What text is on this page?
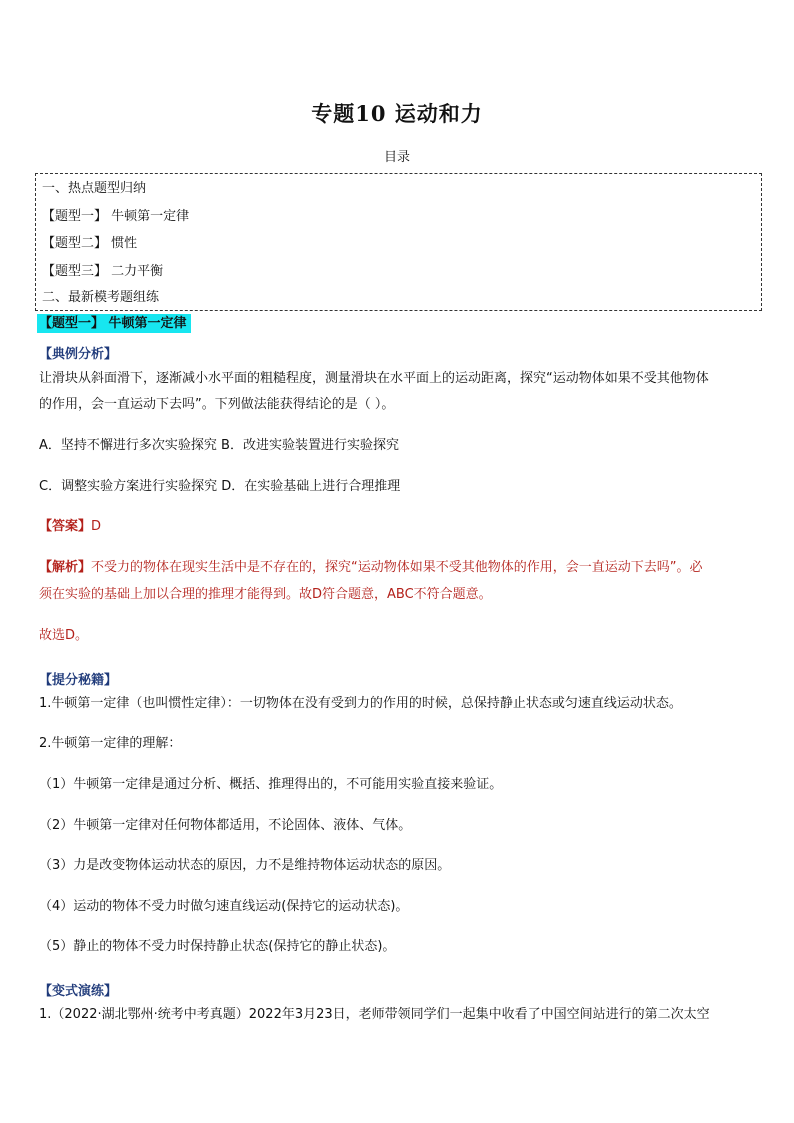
专题10 运动和力
目录
一、热点题型归纳
【题型一】 牛顿第一定律
【题型二】 惯性
【题型三】 二力平衡
二、最新模考题组练
【题型一】 牛顿第一定律
【典例分析】
让滑块从斜面滑下，逐渐减小水平面的粗糙程度，测量滑块在水平面上的运动距离，探究“运动物体如果不受其他物体
的作用，会一直运动下去吗”。下列做法能获得结论的是（ ）。
A．坚持不懈进行多次实验探究 B．改进实验装置进行实验探究
C．调整实验方案进行实验探究 D．在实验基础上进行合理推理
【答案】D
【解析】不受力的物体在现实生活中是不存在的，探究“运动物体如果不受其他物体的作用，会一直运动下去吗”。必
须在实验的基础上加以合理的推理才能得到。故D符合题意，ABC不符合题意。
故选D。
【提分秘籍】
1.牛顿第一定律（也叫惯性定律）：一切物体在没有受到力的作用的时候，总保持静止状态或匀速直线运动状态。
2.牛顿第一定律的理解：
（1）牛顿第一定律是通过分析、概括、推理得出的，不可能用实验直接来验证。
（2）牛顿第一定律对任何物体都适用，不论固体、液体、气体。
（3）力是改变物体运动状态的原因，力不是维持物体运动状态的原因。
（4）运动的物体不受力时做匀速直线运动(保持它的运动状态)。
（5）静止的物体不受力时保持静止状态(保持它的静止状态)。
【变式演练】
1.（2022·湖北鄂州·统考中考真题）2022年3月23日，老师带领同学们一起集中收看了中国空间站进行的第二次太空
